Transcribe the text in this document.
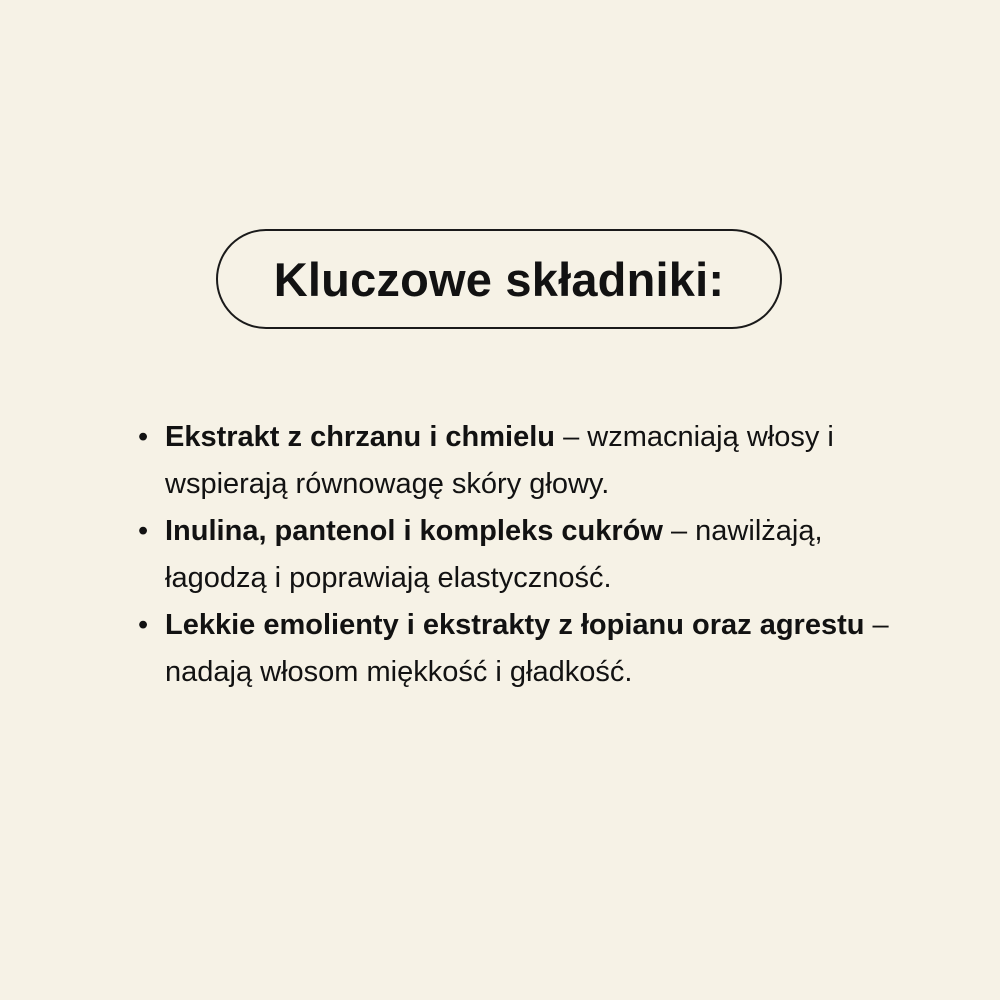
Kluczowe składniki:
• Ekstrakt z chrzanu i chmielu – wzmacniają włosy i wspierają równowagę skóry głowy.
• Inulina, pantenol i kompleks cukrów – nawilżają, łagodzą i poprawiają elastyczność.
• Lekkie emolienty i ekstrakty z łopianu oraz agrestu – nadają włosom miękkość i gładkość.
